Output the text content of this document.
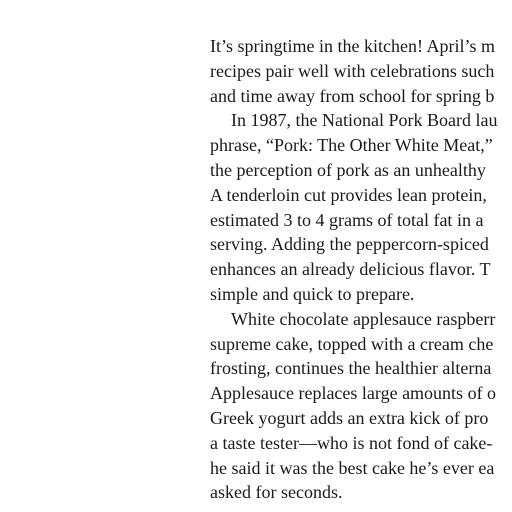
It’s springtime in the kitchen! April’s m
recipes pair well with celebrations such
and time away from school for spring b
In 1987, the National Pork Board lau
phrase, “Pork: The Other White Meat,”
the perception of pork as an unhealthy
A tenderloin cut provides lean protein,
estimated 3 to 4 grams of total fat in a
serving. Adding the peppercorn-spiced
enhances an already delicious flavor. T
simple and quick to prepare.
White chocolate applesauce raspberr
supreme cake, topped with a cream che
frosting, continues the healthier alterna
Applesauce replaces large amounts of o
Greek yogurt adds an extra kick of pro
a taste tester—who is not fond of cake-
he said it was the best cake he’s ever ea
asked for seconds.
